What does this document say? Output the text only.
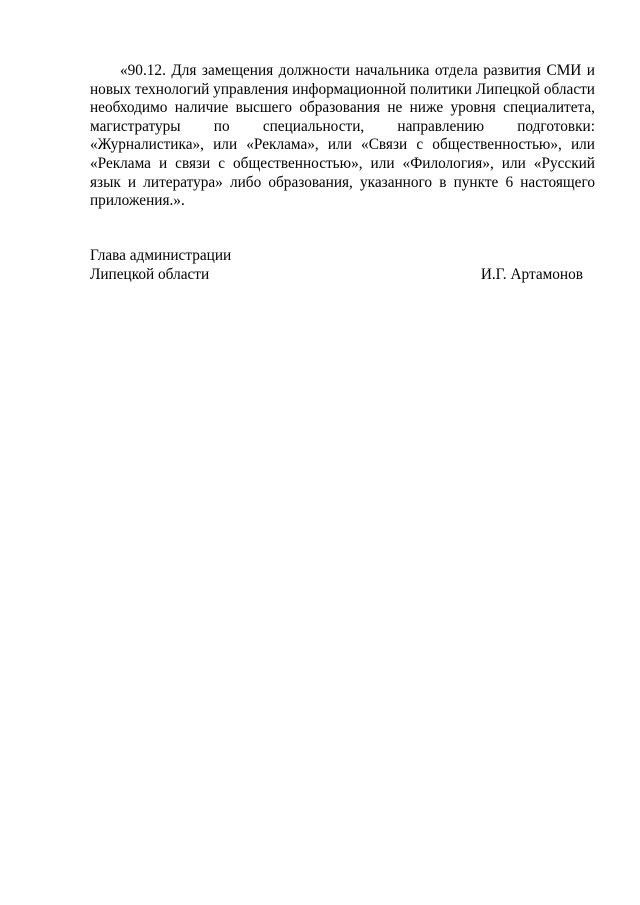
«90.12. Для замещения должности начальника отдела развития СМИ и новых технологий управления информационной политики Липецкой области необходимо наличие высшего образования не ниже уровня специалитета, магистратуры по специальности, направлению подготовки: «Журналистика», или «Реклама», или «Связи с общественностью», или «Реклама и связи с общественностью», или «Филология», или «Русский язык и литература» либо образования, указанного в пункте 6 настоящего приложения.».

Глава администрации
Липецкой области	И.Г. Артамонов
